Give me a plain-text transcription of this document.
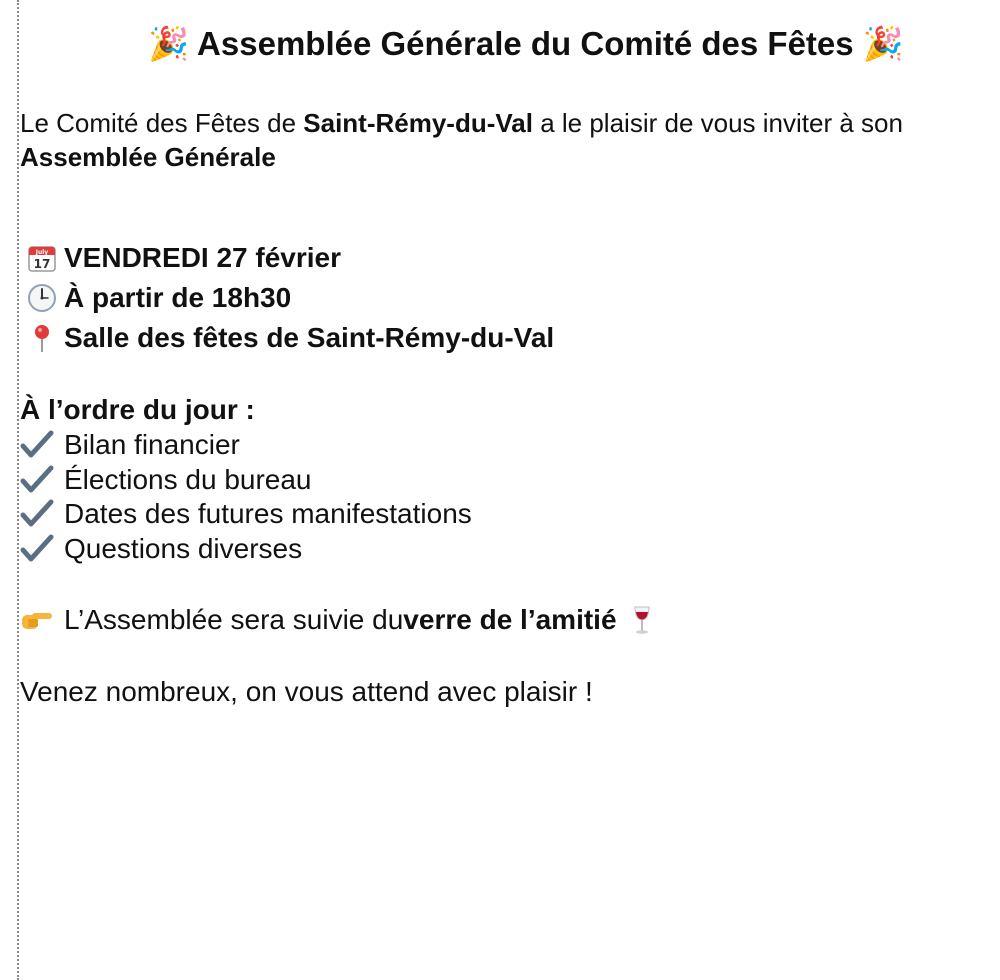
🎉 Assemblée Générale du Comité des Fêtes 🎉
Le Comité des Fêtes de Saint-Rémy-du-Val a le plaisir de vous inviter à son
Assemblée Générale
July
17 VENDREDI 27 février
À partir de 18h30
Salle des fêtes de Saint-Rémy-du-Val
À l’ordre du jour :
Bilan financier
Élections du bureau
Dates des futures manifestations
Questions diverses
L’Assemblée sera suivie du verre de l’amitié
Venez nombreux, on vous attend avec plaisir !
